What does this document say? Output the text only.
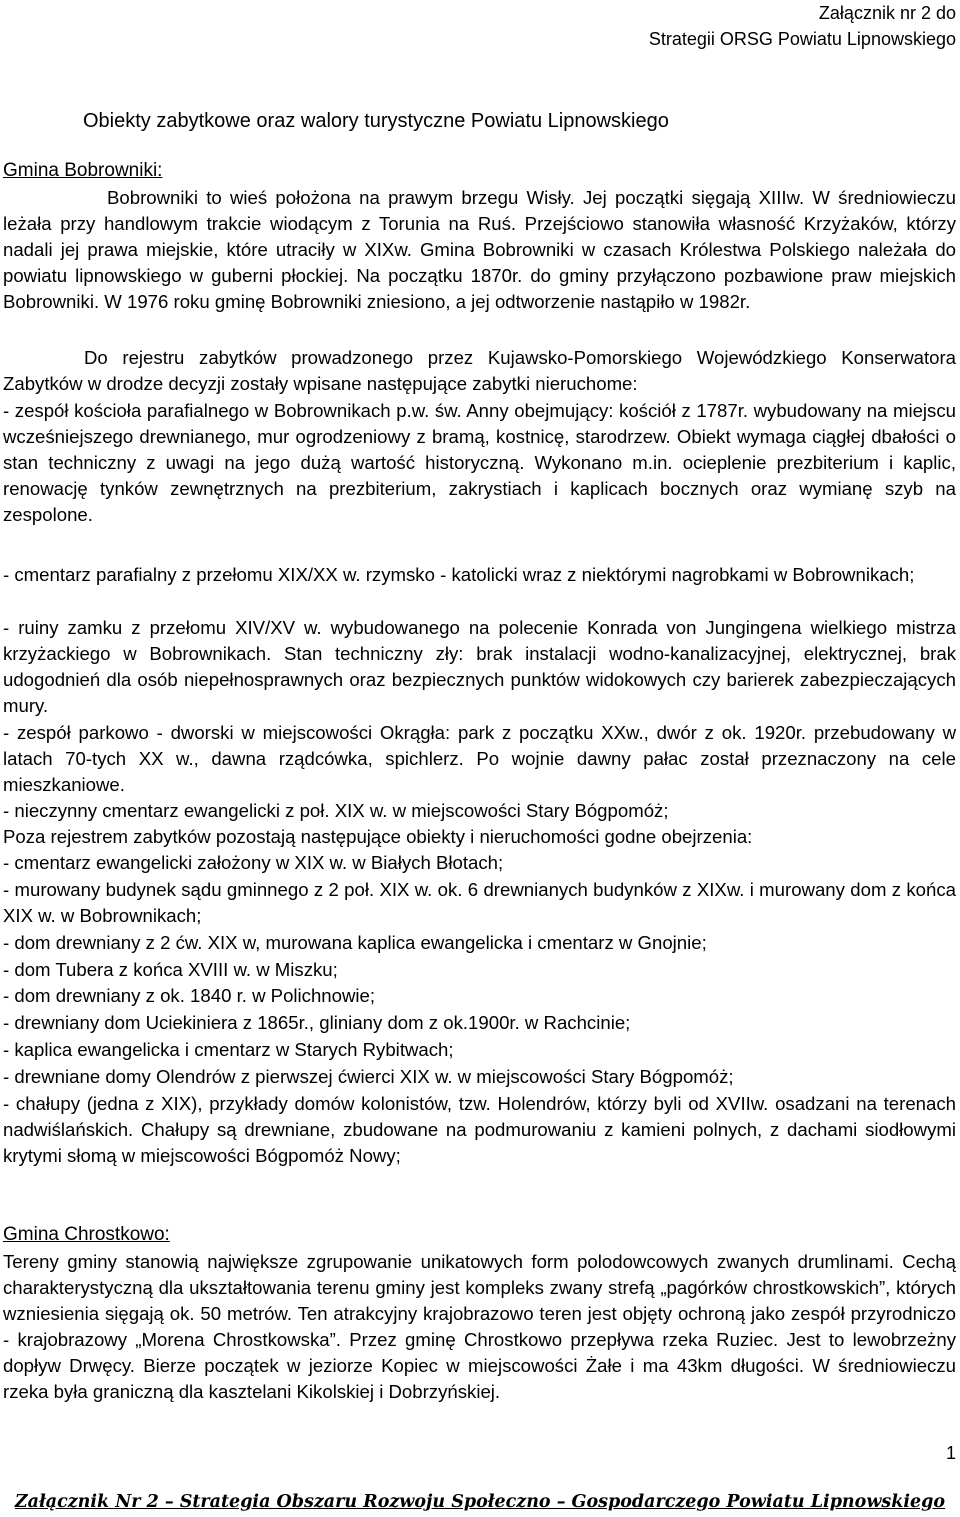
Załącznik nr 2 do
Strategii ORSG Powiatu Lipnowskiego
Obiekty zabytkowe oraz walory turystyczne Powiatu Lipnowskiego
Gmina Bobrowniki:
Bobrowniki to wieś położona na prawym brzegu Wisły. Jej początki sięgają XIIIw. W średniowieczu leżała przy handlowym trakcie wiodącym z Torunia na Ruś. Przejściowo stanowiła własność Krzyżaków, którzy nadali jej prawa miejskie, które utraciły w XIXw. Gmina Bobrowniki w czasach Królestwa Polskiego należała do powiatu lipnowskiego w guberni płockiej. Na początku 1870r. do gminy przyłączono pozbawione praw miejskich Bobrowniki. W 1976 roku gminę Bobrowniki zniesiono, a jej odtworzenie nastąpiło w 1982r.
Do rejestru zabytków prowadzonego przez Kujawsko-Pomorskiego Wojewódzkiego Konserwatora Zabytków w drodze decyzji zostały wpisane następujące zabytki nieruchome:
- zespół kościoła parafialnego w Bobrownikach p.w. św. Anny obejmujący: kościół z 1787r. wybudowany na miejscu wcześniejszego drewnianego, mur ogrodzeniowy z bramą, kostnicę, starodrzew. Obiekt wymaga ciągłej dbałości o stan techniczny z uwagi na jego dużą wartość historyczną. Wykonano m.in. ocieplenie prezbiterium i kaplic, renowację tynków zewnętrznych na prezbiterium, zakrystiach i kaplicach bocznych oraz wymianę szyb na zespolone.
- cmentarz parafialny z przełomu XIX/XX w. rzymsko - katolicki wraz z niektórymi nagrobkami w Bobrownikach;
- ruiny zamku z przełomu XIV/XV w. wybudowanego na polecenie Konrada von Jungingena wielkiego mistrza krzyżackiego w Bobrownikach. Stan techniczny zły: brak instalacji wodno-kanalizacyjnej, elektrycznej, brak udogodnień dla osób niepełnosprawnych oraz bezpiecznych punktów widokowych czy barierek zabezpieczających mury.
- zespół parkowo - dworski w miejscowości Okrągła: park z początku XXw., dwór z ok. 1920r. przebudowany w latach 70-tych XX w., dawna rządcówka, spichlerz. Po wojnie dawny pałac został przeznaczony na cele mieszkaniowe.
- nieczynny cmentarz ewangelicki z poł. XIX w. w miejscowości Stary Bógpomóż;
Poza rejestrem zabytków pozostają następujące obiekty i nieruchomości godne obejrzenia:
- cmentarz ewangelicki założony w XIX w. w Białych Błotach;
- murowany budynek sądu gminnego z 2 poł. XIX w. ok. 6 drewnianych budynków z XIXw. i murowany dom z końca XIX w. w Bobrownikach;
- dom drewniany z 2 ćw. XIX w, murowana kaplica ewangelicka i cmentarz w Gnojnie;
- dom Tubera z końca XVIII w. w Miszku;
- dom drewniany z ok. 1840 r. w Polichnowie;
- drewniany dom Uciekiniera z 1865r., gliniany dom z ok.1900r. w Rachcinie;
- kaplica ewangelicka i cmentarz w Starych Rybitwach;
- drewniane domy Olendrów z pierwszej ćwierci XIX w. w miejscowości Stary Bógpomóż;
- chałupy (jedna z XIX), przykłady domów kolonistów, tzw. Holendrów, którzy byli od XVIIw. osadzani na terenach nadwiślańskich. Chałupy są drewniane, zbudowane na podmurowaniu z kamieni polnych, z dachami siodłowymi krytymi słomą w miejscowości Bógpomóż Nowy;
Gmina Chrostkowo:
Tereny gminy stanowią największe zgrupowanie unikatowych form polodowcowych zwanych drumlinami. Cechą charakterystyczną dla ukształtowania terenu gminy jest kompleks zwany strefą „pagórków chrostkowskich”, których wzniesienia sięgają ok. 50 metrów. Ten atrakcyjny krajobrazowo teren jest objęty ochroną jako zespół przyrodniczo - krajobrazowy „Morena Chrostkowska”. Przez gminę Chrostkowo przepływa rzeka Ruziec. Jest to lewobrzeżny dopływ Drwęcy. Bierze początek w jeziorze Kopiec w miejscowości Żałe i ma 43km długości. W średniowieczu rzeka była graniczną dla kasztelani Kikolskiej i Dobrzyńskiej.
1
Załącznik Nr 2 – Strategia Obszaru Rozwoju Społeczno – Gospodarczego Powiatu Lipnowskiego
